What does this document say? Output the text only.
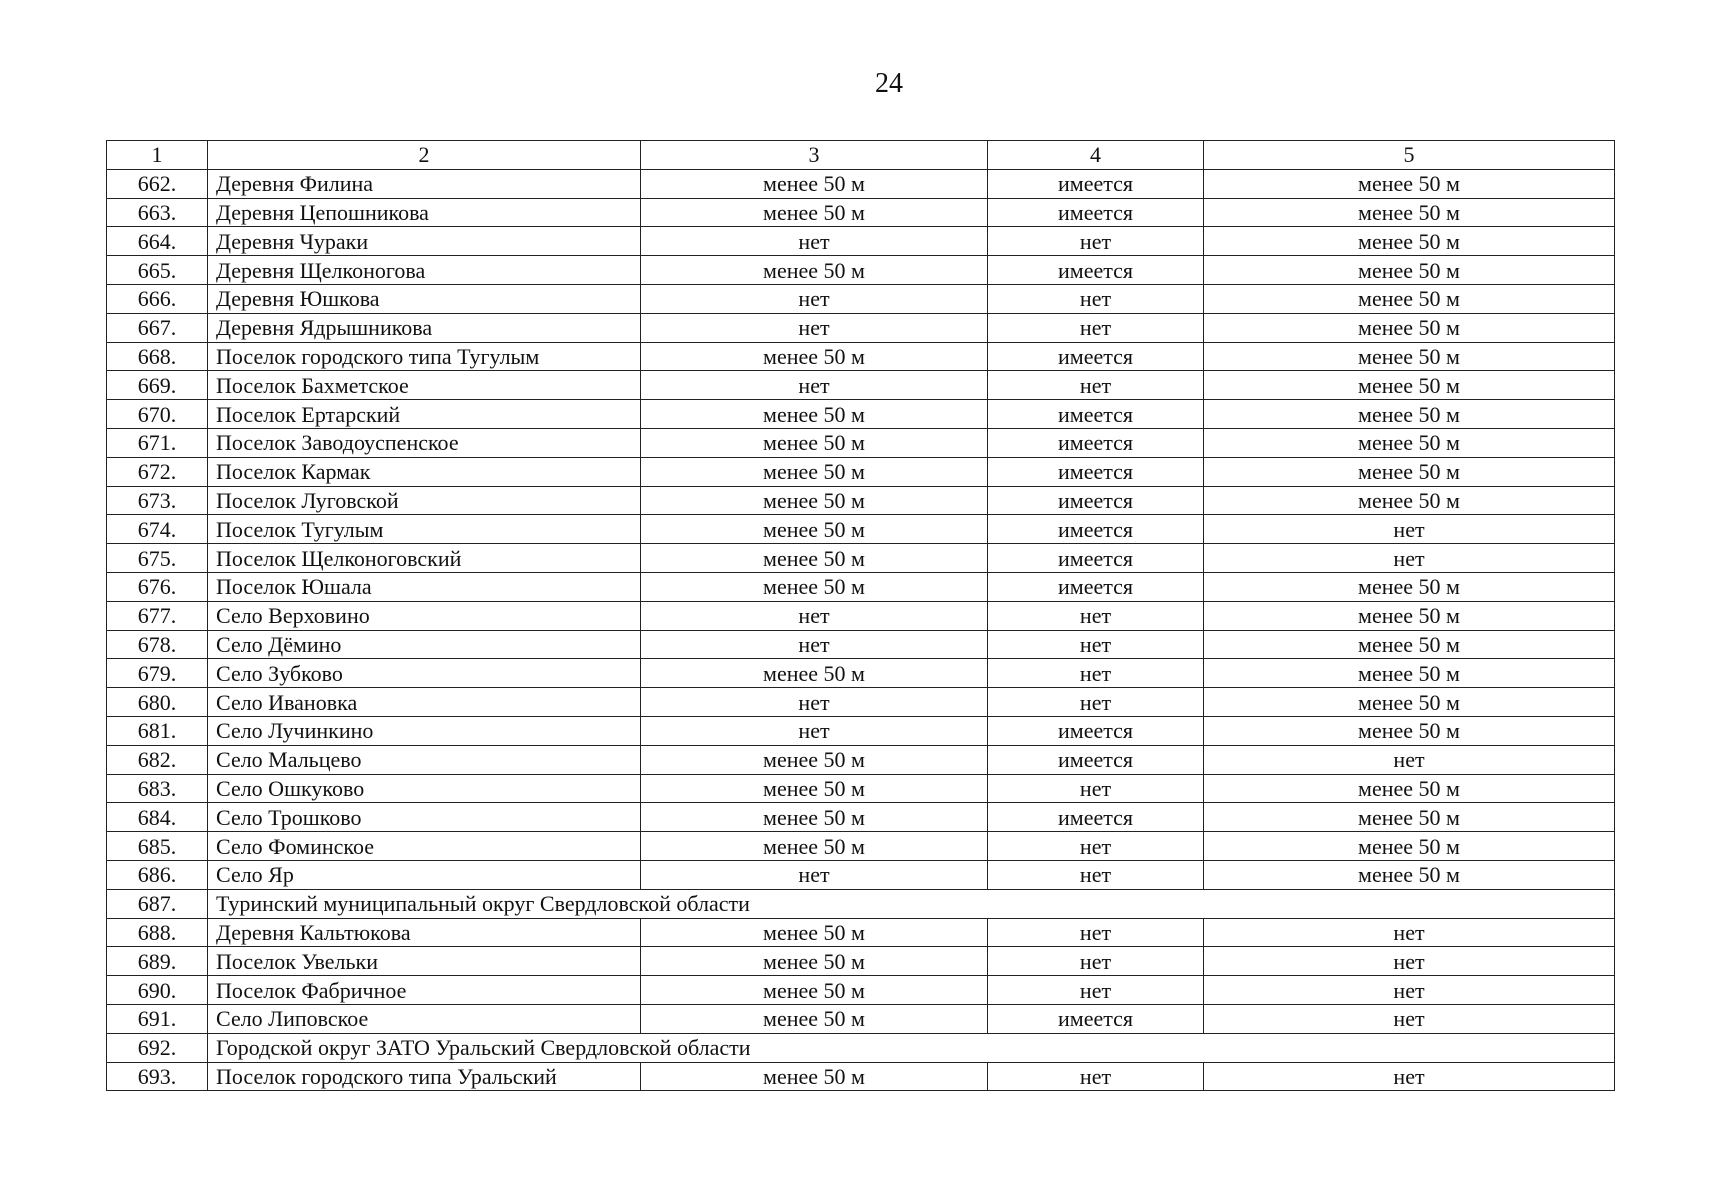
24
1	2	3	4	5
662.	Деревня Филина	менее 50 м	имеется	менее 50 м
663.	Деревня Цепошникова	менее 50 м	имеется	менее 50 м
664.	Деревня Чураки	нет	нет	менее 50 м
665.	Деревня Щелконогова	менее 50 м	имеется	менее 50 м
666.	Деревня Юшкова	нет	нет	менее 50 м
667.	Деревня Ядрышникова	нет	нет	менее 50 м
668.	Поселок городского типа Тугулым	менее 50 м	имеется	менее 50 м
669.	Поселок Бахметское	нет	нет	менее 50 м
670.	Поселок Ертарский	менее 50 м	имеется	менее 50 м
671.	Поселок Заводоуспенское	менее 50 м	имеется	менее 50 м
672.	Поселок Кармак	менее 50 м	имеется	менее 50 м
673.	Поселок Луговской	менее 50 м	имеется	менее 50 м
674.	Поселок Тугулым	менее 50 м	имеется	нет
675.	Поселок Щелконоговский	менее 50 м	имеется	нет
676.	Поселок Юшала	менее 50 м	имеется	менее 50 м
677.	Село Верховино	нет	нет	менее 50 м
678.	Село Дёмино	нет	нет	менее 50 м
679.	Село Зубково	менее 50 м	нет	менее 50 м
680.	Село Ивановка	нет	нет	менее 50 м
681.	Село Лучинкино	нет	имеется	менее 50 м
682.	Село Мальцево	менее 50 м	имеется	нет
683.	Село Ошкуково	менее 50 м	нет	менее 50 м
684.	Село Трошково	менее 50 м	имеется	менее 50 м
685.	Село Фоминское	менее 50 м	нет	менее 50 м
686.	Село Яр	нет	нет	менее 50 м
687.	Туринский муниципальный округ Свердловской области			
688.	Деревня Кальтюкова	менее 50 м	нет	нет
689.	Поселок Увельки	менее 50 м	нет	нет
690.	Поселок Фабричное	менее 50 м	нет	нет
691.	Село Липовское	менее 50 м	имеется	нет
692.	Городской округ ЗАТО Уральский Свердловской области			
693.	Поселок городского типа Уральский	менее 50 м	нет	нет
